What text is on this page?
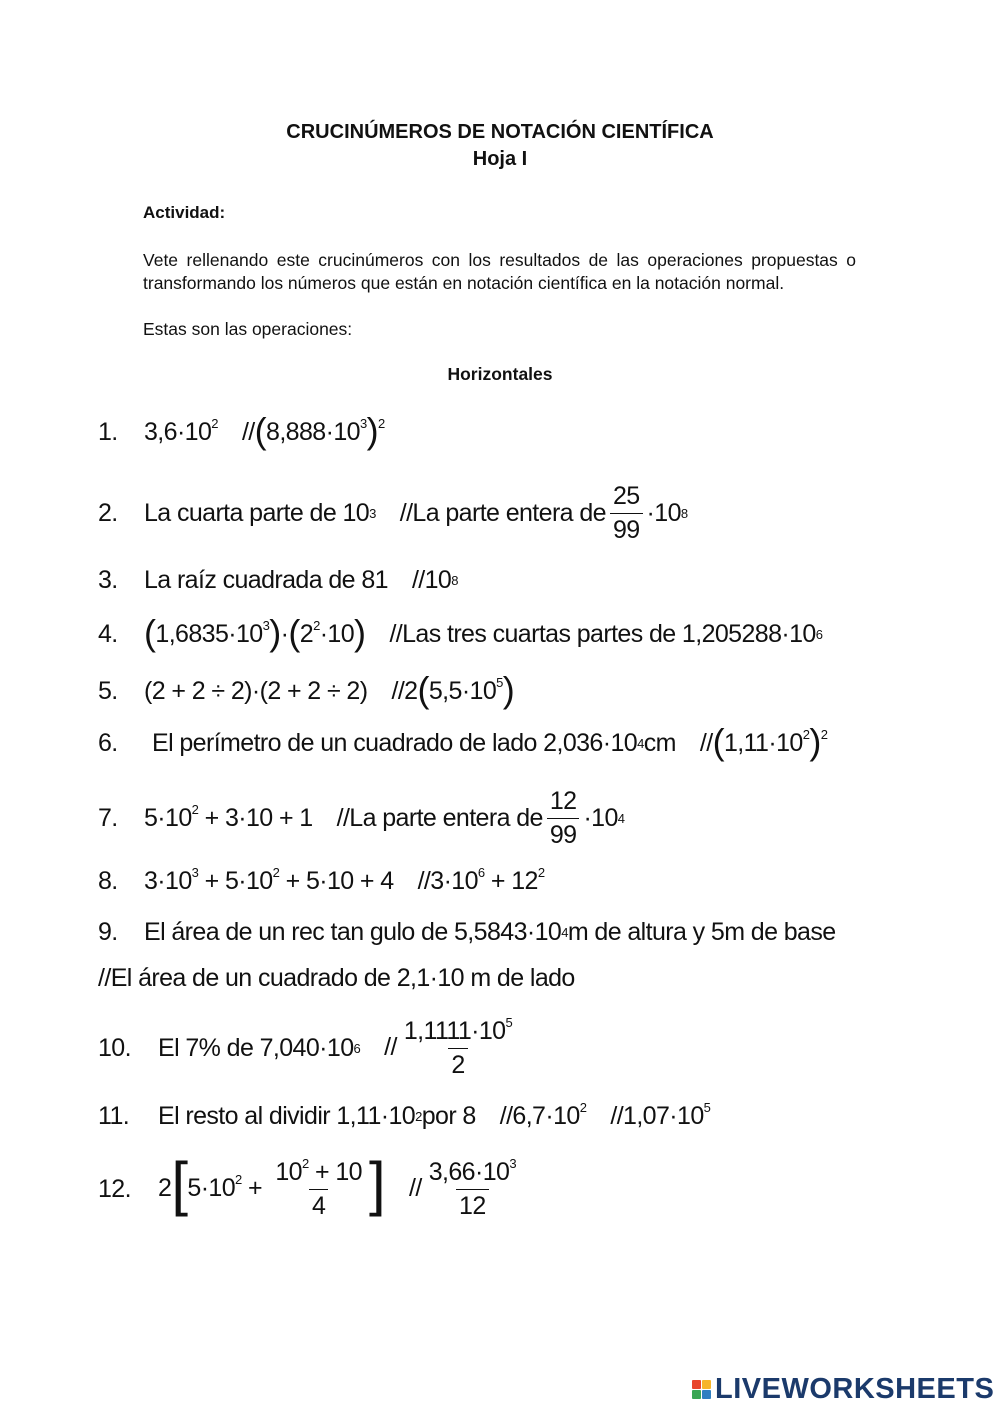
CRUCINÚMEROS DE NOTACIÓN CIENTÍFICA
Hoja I
Actividad:
Vete rellenando este crucinúmeros con los resultados de las operaciones propuestas o transformando los números que están en notación científica en la notación normal.
Estas son las operaciones:
Horizontales
1.	$3,6\cdot 10^2$ $//(8,888\cdot 10^3)^2$
2.	La cuarta parte de 10 3 //La parte entera de $\frac{25}{99} \cdot 10$ 8
3.	La raíz cuadrada de 81 //10 8
4. $(1,6835\cdot 10^3)\cdot(2^2\cdot 10)$ //Las tres cuartas partes de 1,205288·10 6
5.	(2 + 2 ÷ 2)·(2 + 2 ÷ 2) $//2(5,5\cdot 10^5)$
6.	El perímetro de un cuadrado de lado 2,036·10 4 cm $//(1,11\cdot 10^2)^2$
7.	$5\cdot 10^2 + 3\cdot 10 + 1$ //La parte entera de $\frac{12}{99} \cdot 10$ 4
8.	$3\cdot 10^3 + 5\cdot 10^2 + 5\cdot 10 + 4$ $//3\cdot 10^6 + 12^2$
9.	El área de un rec tan gulo de 5,5843·10 4 m de altura y 5m de base
//El área de un cuadrado de 2,1·10 m de lado
10.	El 7% de 7,040·10 $6 // \frac{1,1111\cdot 10^5}{2}$
11.	El resto al dividir 1,11·10 2 por 8 $//6,7\cdot 10^2$ $//1,07\cdot 10^5$
12.	$2[5\cdot 10^2 + \frac{10^2 + 10}{4}$ ] // $\frac{3,66\cdot 10^3}{12}$
LIVEWORKSHEETS
